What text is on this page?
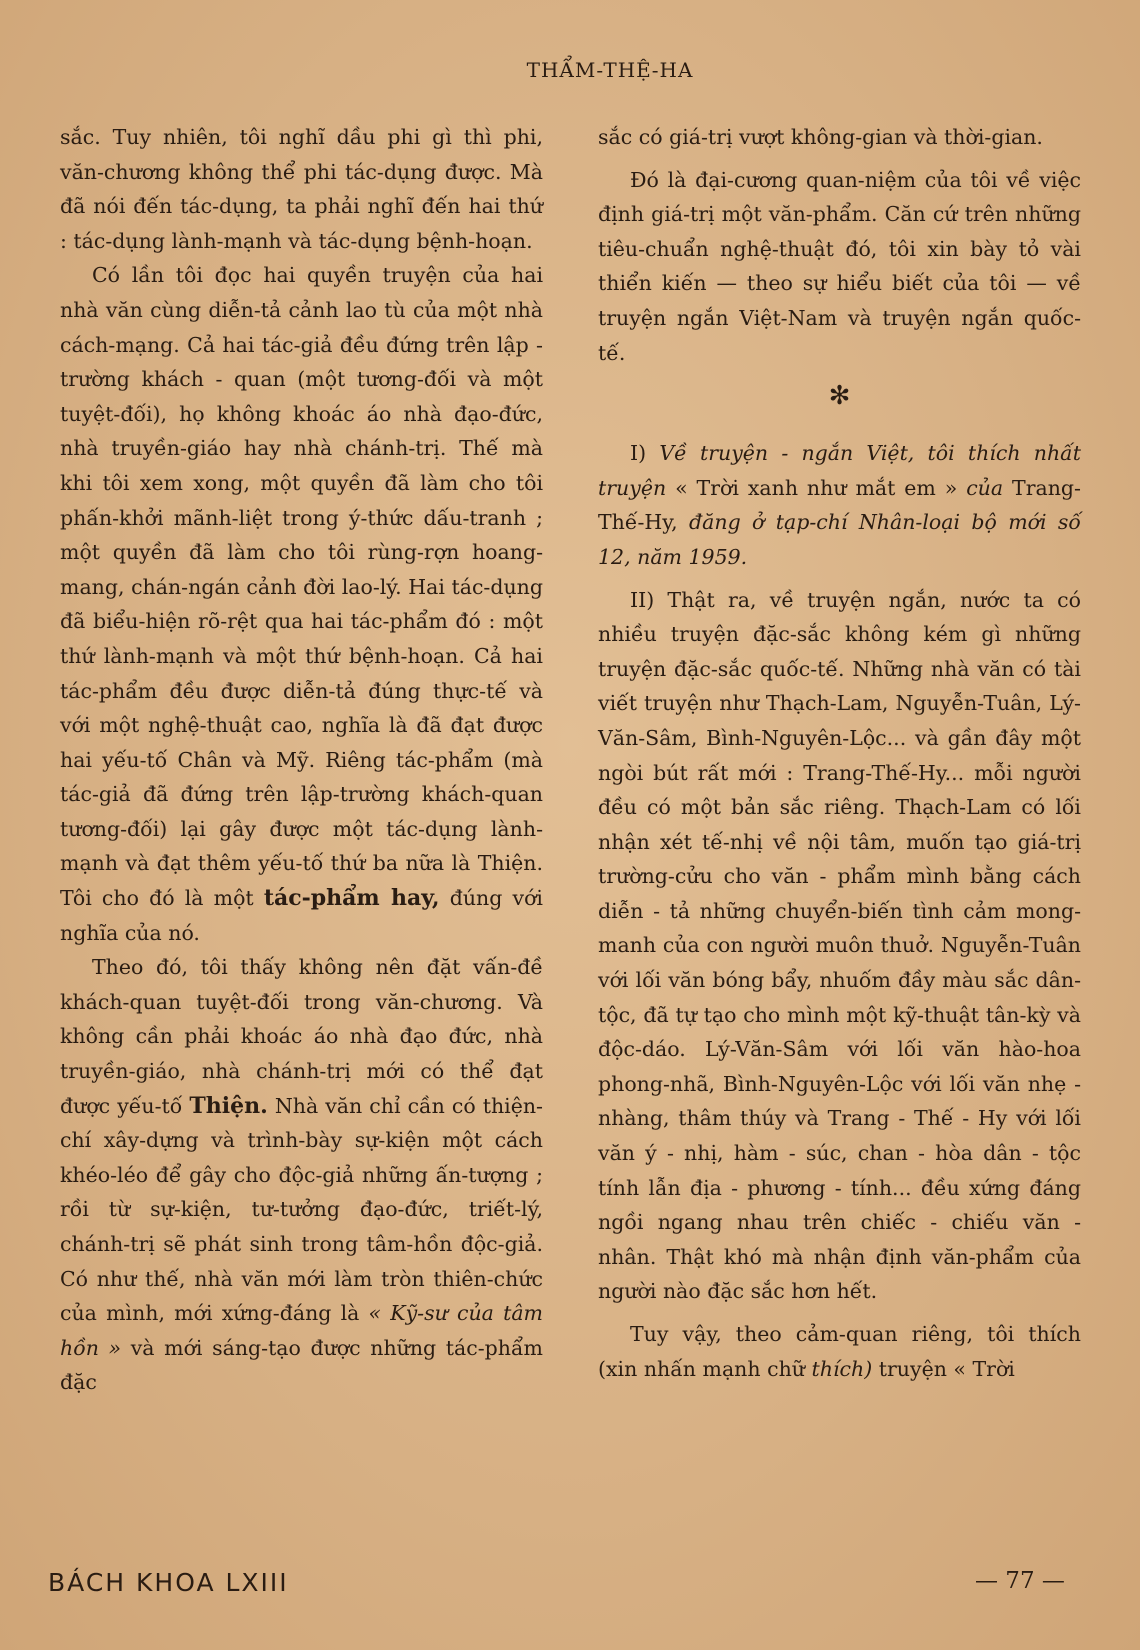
THẨM-THỆ-HA

sắc. Tuy nhiên, tôi nghĩ dầu phi gì thì phi, văn-chương không thể phi tác-dụng được. Mà đã nói đến tác-dụng, ta phải nghĩ đến hai thứ : tác-dụng lành-mạnh và tác-dụng bệnh-hoạn.

Có lần tôi đọc hai quyền truyện của hai nhà văn cùng diễn-tả cảnh lao tù của một nhà cách-mạng. Cả hai tác-giả đều đứng trên lập - trường khách - quan (một tương-đối và một tuyệt-đối), họ không khoác áo nhà đạo-đức, nhà truyền-giáo hay nhà chánh-trị. Thế mà khi tôi xem xong, một quyền đã làm cho tôi phấn-khởi mãnh-liệt trong ý-thức dấu-tranh ; một quyền đã làm cho tôi rùng-rợn hoang-mang, chán-ngán cảnh đời lao-lý. Hai tác-dụng đã biểu-hiện rõ-rệt qua hai tác-phẩm đó : một thứ lành-mạnh và một thứ bệnh-hoạn. Cả hai tác-phẩm đều được diễn-tả đúng thực-tế và với một nghệ-thuật cao, nghĩa là đã đạt được hai yếu-tố Chân và Mỹ. Riêng tác-phẩm (mà tác-giả đã đứng trên lập-trường khách-quan tương-đối) lại gây được một tác-dụng lành-mạnh và đạt thêm yếu-tố thứ ba nữa là Thiện. Tôi cho đó là một tác-phẩm hay, đúng với nghĩa của nó.

Theo đó, tôi thấy không nên đặt vấn-đề khách-quan tuyệt-đối trong văn-chương. Và không cần phải khoác áo nhà đạo đức, nhà truyền-giáo, nhà chánh-trị mới có thể đạt được yếu-tố Thiện. Nhà văn chỉ cần có thiện-chí xây-dựng và trình-bày sự-kiện một cách khéo-léo để gây cho độc-giả những ấn-tượng ; rồi từ sự-kiện, tư-tưởng đạo-đức, triết-lý, chánh-trị sẽ phát sinh trong tâm-hồn độc-giả. Có như thế, nhà văn mới làm tròn thiên-chức của mình, mới xứng-đáng là « Kỹ-sư của tâm hồn » và mới sáng-tạo được những tác-phẩm đặc

sắc có giá-trị vượt không-gian và thời-gian.

Đó là đại-cương quan-niệm của tôi về việc định giá-trị một văn-phẩm. Căn cứ trên những tiêu-chuẩn nghệ-thuật đó, tôi xin bày tỏ vài thiển kiến — theo sự hiểu biết của tôi — về truyện ngắn Việt-Nam và truyện ngắn quốc-tế.

✻

I) Về truyện - ngắn Việt, tôi thích nhất truyện « Trời xanh như mắt em » của Trang-Thế-Hy, đăng ở tạp-chí Nhân-loại bộ mới số 12, năm 1959.

II) Thật ra, về truyện ngắn, nước ta có nhiều truyện đặc-sắc không kém gì những truyện đặc-sắc quốc-tế. Những nhà văn có tài viết truyện như Thạch-Lam, Nguyễn-Tuân, Lý-Văn-Sâm, Bình-Nguyên-Lộc... và gần đây một ngòi bút rất mới : Trang-Thế-Hy... mỗi người đều có một bản sắc riêng. Thạch-Lam có lối nhận xét tế-nhị về nội tâm, muốn tạo giá-trị trường-cửu cho văn - phẩm mình bằng cách diễn - tả những chuyển-biến tình cảm mong-manh của con người muôn thuở. Nguyễn-Tuân với lối văn bóng bẩy, nhuốm đầy màu sắc dân-tộc, đã tự tạo cho mình một kỹ-thuật tân-kỳ và độc-dáo. Lý-Văn-Sâm với lối văn hào-hoa phong-nhã, Bình-Nguyên-Lộc với lối văn nhẹ - nhàng, thâm thúy và Trang - Thế - Hy với lối văn ý - nhị, hàm - súc, chan - hòa dân - tộc tính lẫn địa - phương - tính... đều xứng đáng ngồi ngang nhau trên chiếc - chiếu văn - nhân. Thật khó mà nhận định văn-phẩm của người nào đặc sắc hơn hết.

Tuy vậy, theo cảm-quan riêng, tôi thích (xin nhấn mạnh chữ thích) truyện « Trời

BÁCH KHOA LXIII	— 77 —
